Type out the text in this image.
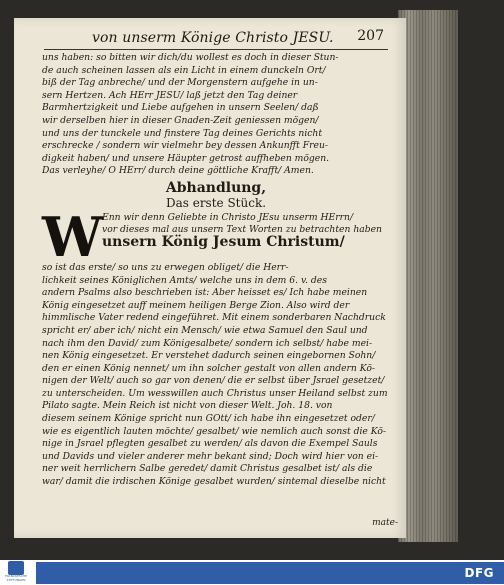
von unserm Könige Christo JESU. 207
uns haben: so bitten wir dich/du wollest es doch in dieser Stun-
de auch scheinen lassen als ein Licht in einem dunckeln Ort/
biß der Tag anbreche/ und der Morgenstern aufgehe in un-
sern Hertzen. Ach HErr JESU/ laß jetzt den Tag deiner
Barmhertzigkeit und Liebe aufgehen in unsern Seelen/ daß
wir derselben hier in dieser Gnaden-Zeit geniessen mögen/
und uns der tunckele und finstere Tag deines Gerichts nicht
erschrecke / sondern wir vielmehr bey dessen Ankunfft Freu-
digkeit haben/ und unsere Häupter getrost auffheben mögen.
Das verleyhe/ O HErr/ durch deine göttliche Krafft/ Amen.
Abhandlung,
Das erste Stück.
W Enn wir denn Geliebte in Christo JEsu unserm HErrn/
vor dieses mal aus unsern Text Worten zu betrachten haben
unsern König Jesum Christum/
so ist das erste/ so uns zu erwegen obliget/ die Herr-
lichkeit seines Königlichen Amts/ welche uns in dem 6. v. des
andern Psalms also beschrieben ist: Aber heisset es/ Ich habe meinen
König eingesetzet auff meinem heiligen Berge Zion. Also wird der
himmlische Vater redend eingeführet. Mit einem sonderbaren Nachdruck
spricht er/ aber ich/ nicht ein Mensch/ wie etwa Samuel den Saul und
nach ihm den David/ zum Königesalbete/ sondern ich selbst/ habe mei-
nen König eingesetzet. Er verstehet dadurch seinen eingebornen Sohn/
den er einen König nennet/ um ihn solcher gestalt von allen andern Kö-
nigen der Welt/ auch so gar von denen/ die er selbst über Jsrael gesetzet/
zu unterscheiden. Um wesswillen auch Christus unser Heiland selbst zum
Pilato sagte. Mein Reich ist nicht von dieser Welt. Joh. 18. von
diesem seinem Könige spricht nun GOtt/ ich habe ihn eingesetzet oder/
wie es eigentlich lauten möchte/ gesalbet/ wie nemlich auch sonst die Kö-
nige in Jsrael pflegten gesalbet zu werden/ als davon die Exempel Sauls
und Davids und vieler anderer mehr bekant sind; Doch wird hier von ei-
ner weit herrlichern Salbe geredet/ damit Christus gesalbet ist/ als die
war/ damit die irdischen Könige gesalbet wurden/ sintemal dieselbe nicht
mate-
FRANCKESCHE STIFTUNGEN	DFG
